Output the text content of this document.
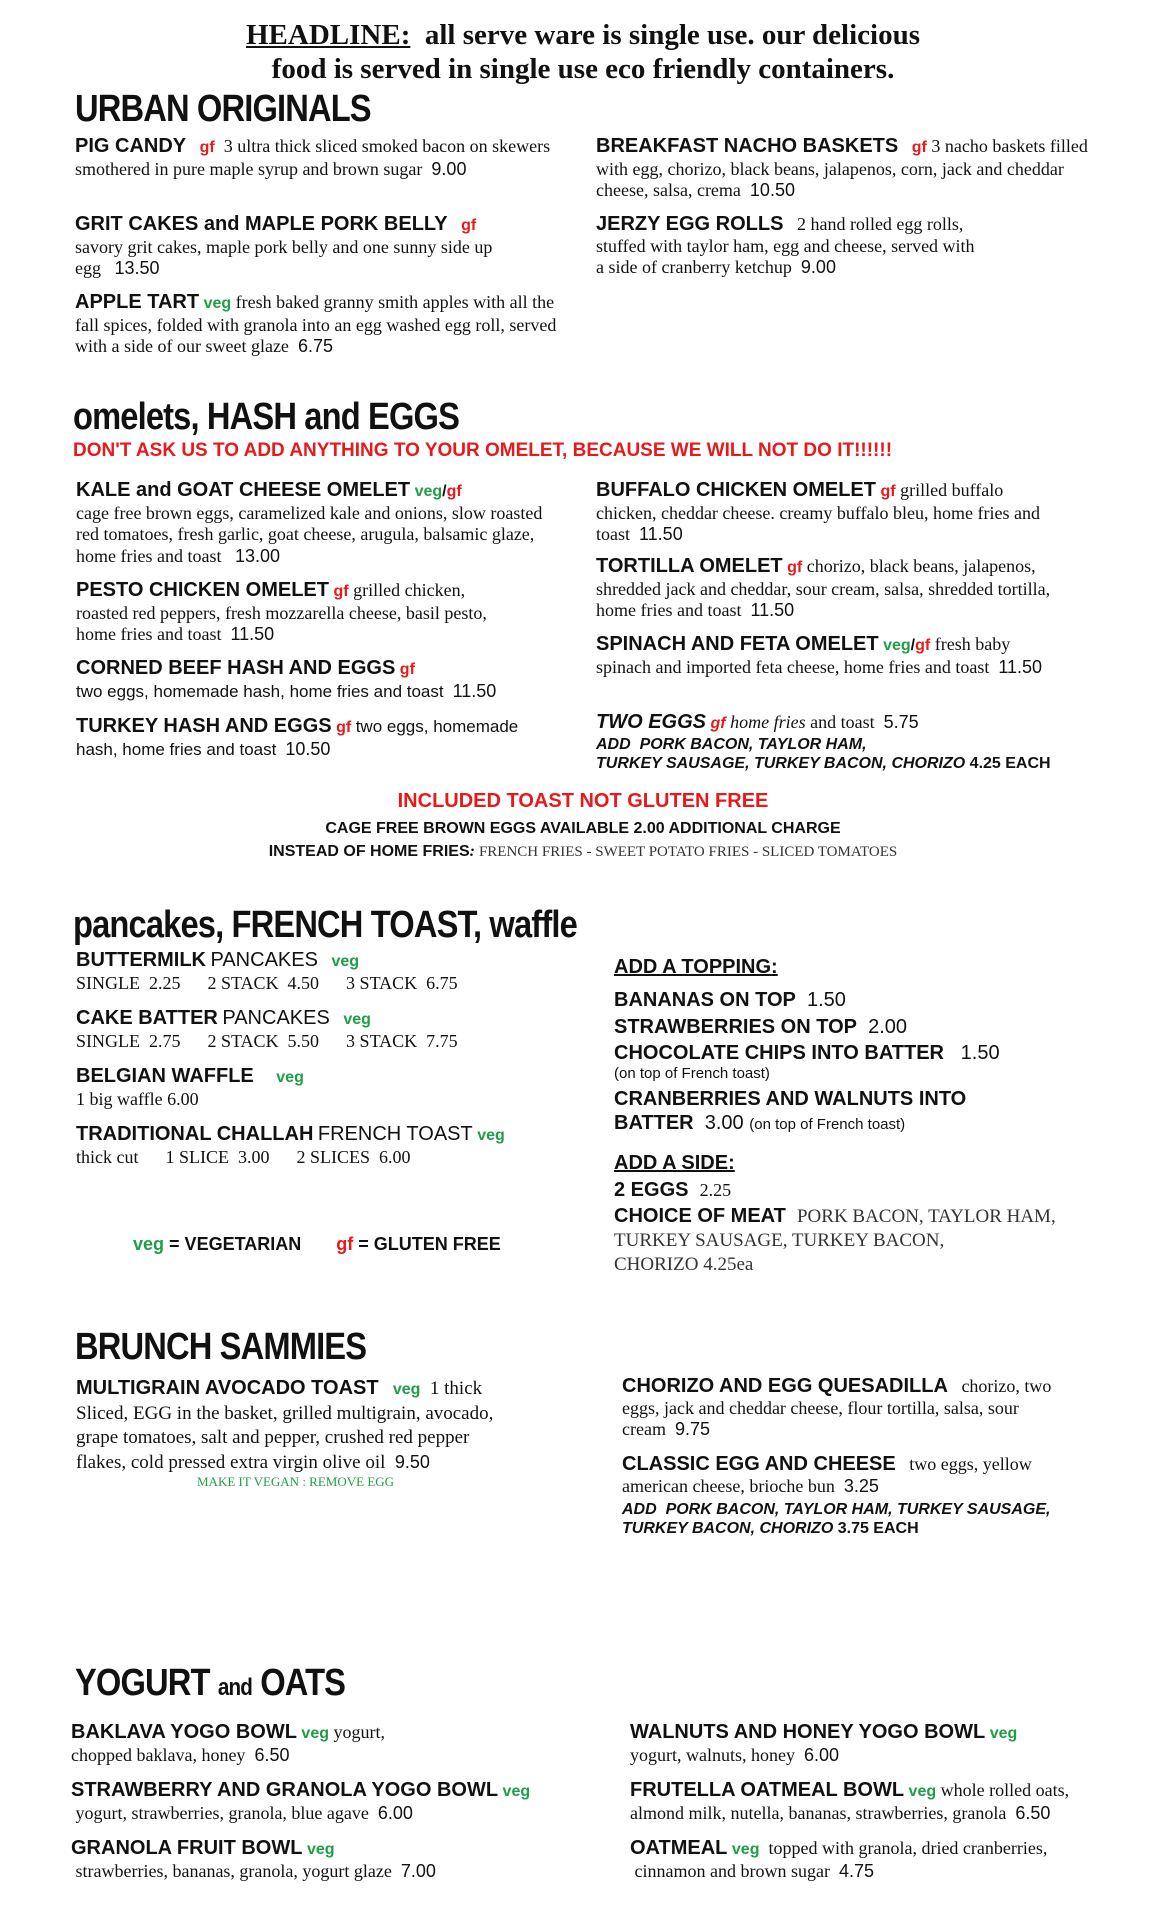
HEADLINE: all serve ware is single use. our delicious
food is served in single use eco friendly containers.
URBAN ORIGINALS
PIG CANDY gf 3 ultra thick sliced smoked bacon on skewers smothered in pure maple syrup and brown sugar 9.00
GRIT CAKES and MAPLE PORK BELLY gf
savory grit cakes, maple pork belly and one sunny side up egg 13.50
APPLE TART veg fresh baked granny smith apples with all the fall spices, folded with granola into an egg washed egg roll, served with a side of our sweet glaze 6.75
BREAKFAST NACHO BASKETS gf 3 nacho baskets filled with egg, chorizo, black beans, jalapenos, corn, jack and cheddar cheese, salsa, crema 10.50
JERZY EGG ROLLS 2 hand rolled egg rolls, stuffed with taylor ham, egg and cheese, served with a side of cranberry ketchup 9.00
omelets, HASH and EGGS
DON'T ASK US TO ADD ANYTHING TO YOUR OMELET, BECAUSE WE WILL NOT DO IT!!!!!!
KALE and GOAT CHEESE OMELET veg/gf
cage free brown eggs, caramelized kale and onions, slow roasted red tomatoes, fresh garlic, goat cheese, arugula, balsamic glaze, home fries and toast 13.00
PESTO CHICKEN OMELET gf grilled chicken, roasted red peppers, fresh mozzarella cheese, basil pesto, home fries and toast 11.50
CORNED BEEF HASH AND EGGS gf
two eggs, homemade hash, home fries and toast 11.50
TURKEY HASH AND EGGS gf two eggs, homemade hash, home fries and toast 10.50
BUFFALO CHICKEN OMELET gf grilled buffalo chicken, cheddar cheese. creamy buffalo bleu, home fries and toast 11.50
TORTILLA OMELET gf chorizo, black beans, jalapenos, shredded jack and cheddar, sour cream, salsa, shredded tortilla, home fries and toast 11.50
SPINACH AND FETA OMELET veg/gf fresh baby spinach and imported feta cheese, home fries and toast 11.50
TWO EGGS gf home fries and toast 5.75
ADD PORK BACON, TAYLOR HAM,
TURKEY SAUSAGE, TURKEY BACON, CHORIZO 4.25 EACH
INCLUDED TOAST NOT GLUTEN FREE
CAGE FREE BROWN EGGS AVAILABLE 2.00 ADDITIONAL CHARGE
INSTEAD OF HOME FRIES: FRENCH FRIES - SWEET POTATO FRIES - SLICED TOMATOES
pancakes, FRENCH TOAST, waffle
BUTTERMILK PANCAKES veg
SINGLE  2.25      2 STACK  4.50      3 STACK  6.75
CAKE BATTER PANCAKES veg
SINGLE  2.75      2 STACK  5.50      3 STACK  7.75
BELGIAN WAFFLE veg
1 big waffle 6.00
TRADITIONAL CHALLAH FRENCH TOAST veg
thick cut      1 SLICE  3.00      2 SLICES  6.00
veg = VEGETARIAN gf = GLUTEN FREE
ADD A TOPPING:
BANANAS ON TOP 1.50
STRAWBERRIES ON TOP 2.00
CHOCOLATE CHIPS INTO BATTER 1.50
(on top of French toast)
CRANBERRIES AND WALNUTS INTO
BATTER 3.00 (on top of French toast)
ADD A SIDE:
2 EGGS 2.25
CHOICE OF MEAT PORK BACON, TAYLOR HAM,
TURKEY SAUSAGE, TURKEY BACON,
CHORIZO 4.25ea
BRUNCH SAMMIES
MULTIGRAIN AVOCADO TOAST veg 1 thick
Sliced, EGG in the basket, grilled multigrain, avocado,
grape tomatoes, salt and pepper, crushed red pepper
flakes, cold pressed extra virgin olive oil 9.50
MAKE IT VEGAN : REMOVE EGG
CHORIZO AND EGG QUESADILLA chorizo, two eggs, jack and cheddar cheese, flour tortilla, salsa, sour cream 9.75
CLASSIC EGG AND CHEESE two eggs, yellow american cheese, brioche bun 3.25
ADD PORK BACON, TAYLOR HAM, TURKEY SAUSAGE,
TURKEY BACON, CHORIZO 3.75 EACH
YOGURT and OATS
BAKLAVA YOGO BOWL veg yogurt,
chopped baklava, honey 6.50
STRAWBERRY AND GRANOLA YOGO BOWL veg
yogurt, strawberries, granola, blue agave 6.00
GRANOLA FRUIT BOWL veg
strawberries, bananas, granola, yogurt glaze 7.00
WALNUTS AND HONEY YOGO BOWL veg
yogurt, walnuts, honey 6.00
FRUTELLA OATMEAL BOWL veg whole rolled oats,
almond milk, nutella, bananas, strawberries, granola 6.50
OATMEAL veg topped with granola, dried cranberries,
cinnamon and brown sugar 4.75
